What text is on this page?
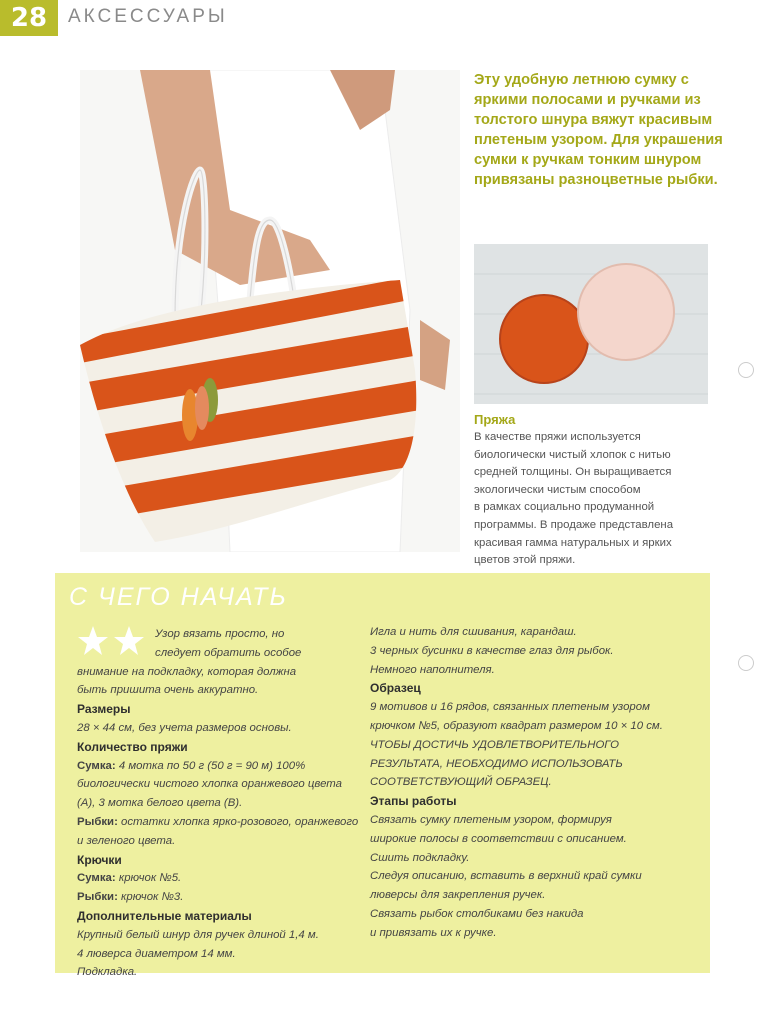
28	АКСЕССУАРЫ
Эту удобную летнюю сумку с яркими полосами и ручками из толстого шнура вяжут красивым плетеным узором. Для украшения сумки к ручкам тонким шнуром привязаны разноцветные рыбки.
Пряжа
В качестве пряжи используется
биологически чистый хлопок с нитью
средней толщины. Он выращивается
экологически чистым способом
в рамках социально продуманной
программы. В продаже представлена
красивая гамма натуральных и ярких
цветов этой пряжи.
С ЧЕГО НАЧАТЬ

Узор вязать просто, но

следует обратить особое

внимание на подкладку, которая должна

быть пришита очень аккуратно.

Размеры

28 × 44 см, без учета размеров основы.

Количество пряжи

Сумка: 4 мотка по 50 г (50 г = 90 м) 100% биологически чистого хлопка оранжевого цвета (А), 3 мотка белого цвета (В).

Рыбки: остатки хлопка ярко-розового, оранжевого и зеленого цвета.

Крючки

Сумка: крючок №5.

Рыбки: крючок №3.

Дополнительные материалы

Крупный белый шнур для ручек длиной 1,4 м.

4 люверса диаметром 14 мм.

Подкладка.

Игла и нить для сшивания, карандаш.

3 черных бусинки в качестве глаз для рыбок.

Немного наполнителя.

Образец

9 мотивов и 16 рядов, связанных плетеным узором крючком №5, образуют квадрат размером 10 × 10 см.

ЧТОБЫ ДОСТИЧЬ УДОВЛЕТВОРИТЕЛЬНОГО РЕЗУЛЬТАТА, НЕОБХОДИМО ИСПОЛЬЗОВАТЬ СООТВЕТСТВУЮЩИЙ ОБРАЗЕЦ.

Этапы работы

Связать сумку плетеным узором, формируя

широкие полосы в соответствии с описанием.

Сшить подкладку.

Следуя описанию, вставить в верхний край сумки

люверсы для закрепления ручек.

Связать рыбок столбиками без накида

и привязать их к ручке.
